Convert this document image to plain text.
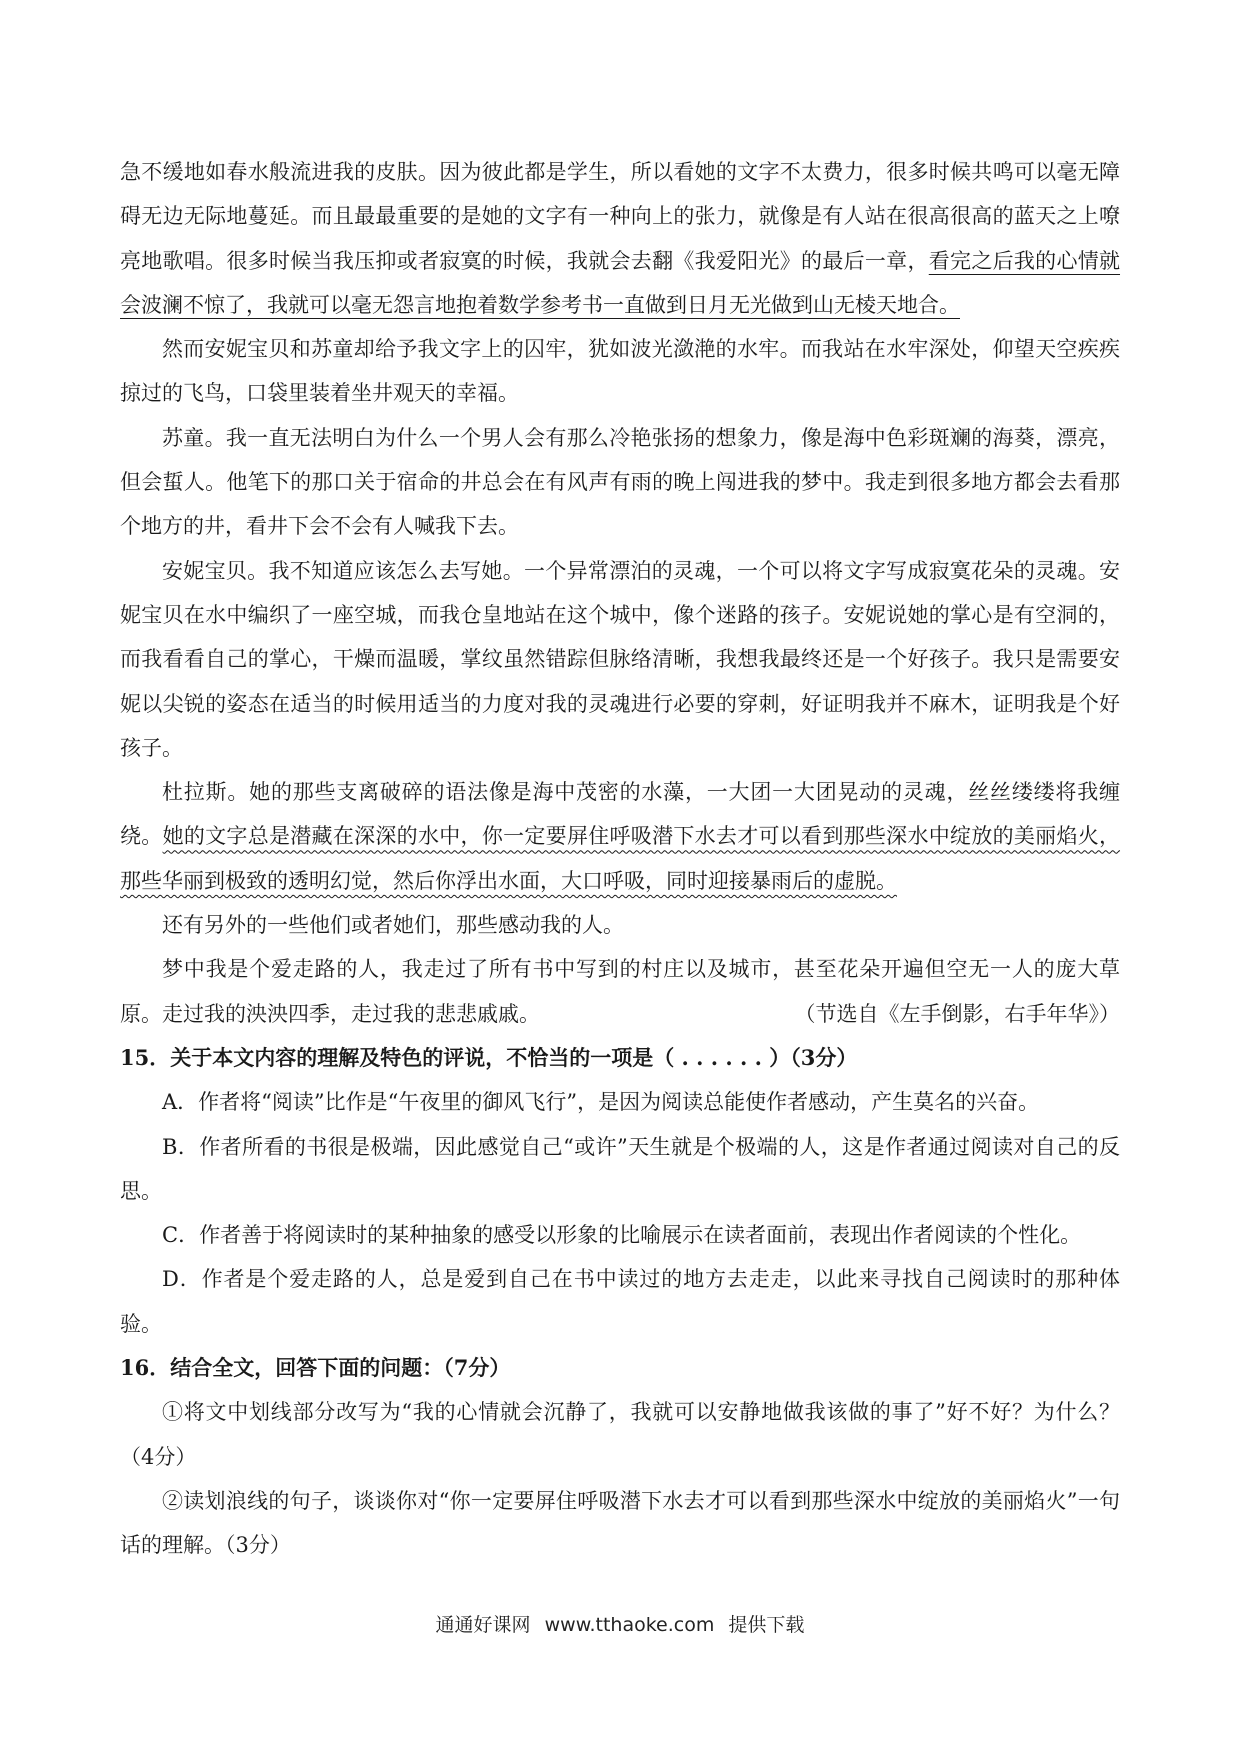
急不缓地如春水般流进我的皮肤。因为彼此都是学生，所以看她的文字不太费力，很多时候共鸣可以毫无障碍无边无际地蔓延。而且最最重要的是她的文字有一种向上的张力，就像是有人站在很高很高的蓝天之上嘹亮地歌唱。很多时候当我压抑或者寂寞的时候，我就会去翻《我爱阳光》的最后一章，看完之后我的心情就会波澜不惊了，我就可以毫无怨言地抱着数学参考书一直做到日月无光做到山无棱天地合。

然而安妮宝贝和苏童却给予我文字上的囚牢，犹如波光潋滟的水牢。而我站在水牢深处，仰望天空疾疾掠过的飞鸟，口袋里装着坐井观天的幸福。

苏童。我一直无法明白为什么一个男人会有那么冷艳张扬的想象力，像是海中色彩斑斓的海葵，漂亮，但会蜇人。他笔下的那口关于宿命的井总会在有风声有雨的晚上闯进我的梦中。我走到很多地方都会去看那个地方的井，看井下会不会有人喊我下去。

安妮宝贝。我不知道应该怎么去写她。一个异常漂泊的灵魂，一个可以将文字写成寂寞花朵的灵魂。安妮宝贝在水中编织了一座空城，而我仓皇地站在这个城中，像个迷路的孩子。安妮说她的掌心是有空洞的，而我看看自己的掌心，干燥而温暖，掌纹虽然错踪但脉络清晰，我想我最终还是一个好孩子。我只是需要安妮以尖锐的姿态在适当的时候用适当的力度对我的灵魂进行必要的穿刺，好证明我并不麻木，证明我是个好孩子。

杜拉斯。她的那些支离破碎的语法像是海中茂密的水藻，一大团一大团晃动的灵魂，丝丝缕缕将我缠绕。她的文字总是潜藏在深深的水中，你一定要屏住呼吸潜下水去才可以看到那些深水中绽放的美丽焰火，那些华丽到极致的透明幻觉，然后你浮出水面，大口呼吸，同时迎接暴雨后的虚脱。

还有另外的一些他们或者她们，那些感动我的人。

梦中我是个爱走路的人，我走过了所有书中写到的村庄以及城市，甚至花朵开遍但空无一人的庞大草原。走过我的泱泱四季，走过我的悲悲戚戚。	（节选自《左手倒影，右手年华》）

15．关于本文内容的理解及特色的评说，不恰当的一项是（ . . . . . . ）（3分）

A．作者将“阅读”比作是“午夜里的御风飞行”，是因为阅读总能使作者感动，产生莫名的兴奋。

B．作者所看的书很是极端，因此感觉自己“或许”天生就是个极端的人，这是作者通过阅读对自己的反思。

C．作者善于将阅读时的某种抽象的感受以形象的比喻展示在读者面前，表现出作者阅读的个性化。

D．作者是个爱走路的人，总是爱到自己在书中读过的地方去走走，以此来寻找自己阅读时的那种体验。

16．结合全文，回答下面的问题：（7分）

①将文中划线部分改写为“我的心情就会沉静了，我就可以安静地做我该做的事了”好不好？为什么？（4分）

②读划浪线的句子，谈谈你对“你一定要屏住呼吸潜下水去才可以看到那些深水中绽放的美丽焰火”一句话的理解。（3分）

通通好课网 www.tthaoke.com 提供下载
